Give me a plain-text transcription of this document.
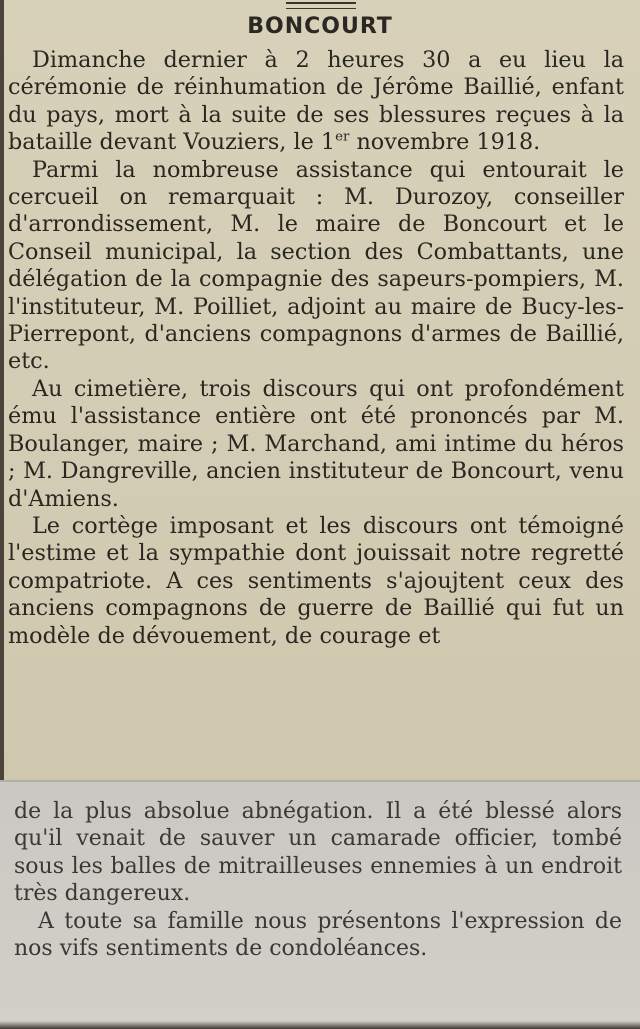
BONCOURT

Dimanche dernier à 2 heures 30 a eu lieu la cérémonie de réinhumation de Jérôme Baillié, enfant du pays, mort à la suite de ses blessures reçues à la bataille devant Vouziers, le 1er novembre 1918.

Parmi la nombreuse assistance qui entourait le cercueil on remarquait : M. Durozoy, conseiller d'arrondissement, M. le maire de Boncourt et le Conseil municipal, la section des Combattants, une délégation de la compagnie des sapeurs-pompiers, M. l'instituteur, M. Poilliet, adjoint au maire de Bucy-les-Pierrepont, d'anciens compagnons d'armes de Baillié, etc.

Au cimetière, trois discours qui ont profondément ému l'assistance entière ont été prononcés par M. Boulanger, maire ; M. Marchand, ami intime du héros ; M. Dangreville, ancien instituteur de Boncourt, venu d'Amiens.

Le cortège imposant et les discours ont témoigné l'estime et la sympathie dont jouissait notre regretté compatriote. A ces sentiments s'ajoujtent ceux des anciens compagnons de guerre de Baillié qui fut un modèle de dévouement, de courage et

de la plus absolue abnégation. Il a été blessé alors qu'il venait de sauver un camarade officier, tombé sous les balles de mitrailleuses ennemies à un endroit très dangereux.

A toute sa famille nous présentons l'expression de nos vifs sentiments de condoléances.
